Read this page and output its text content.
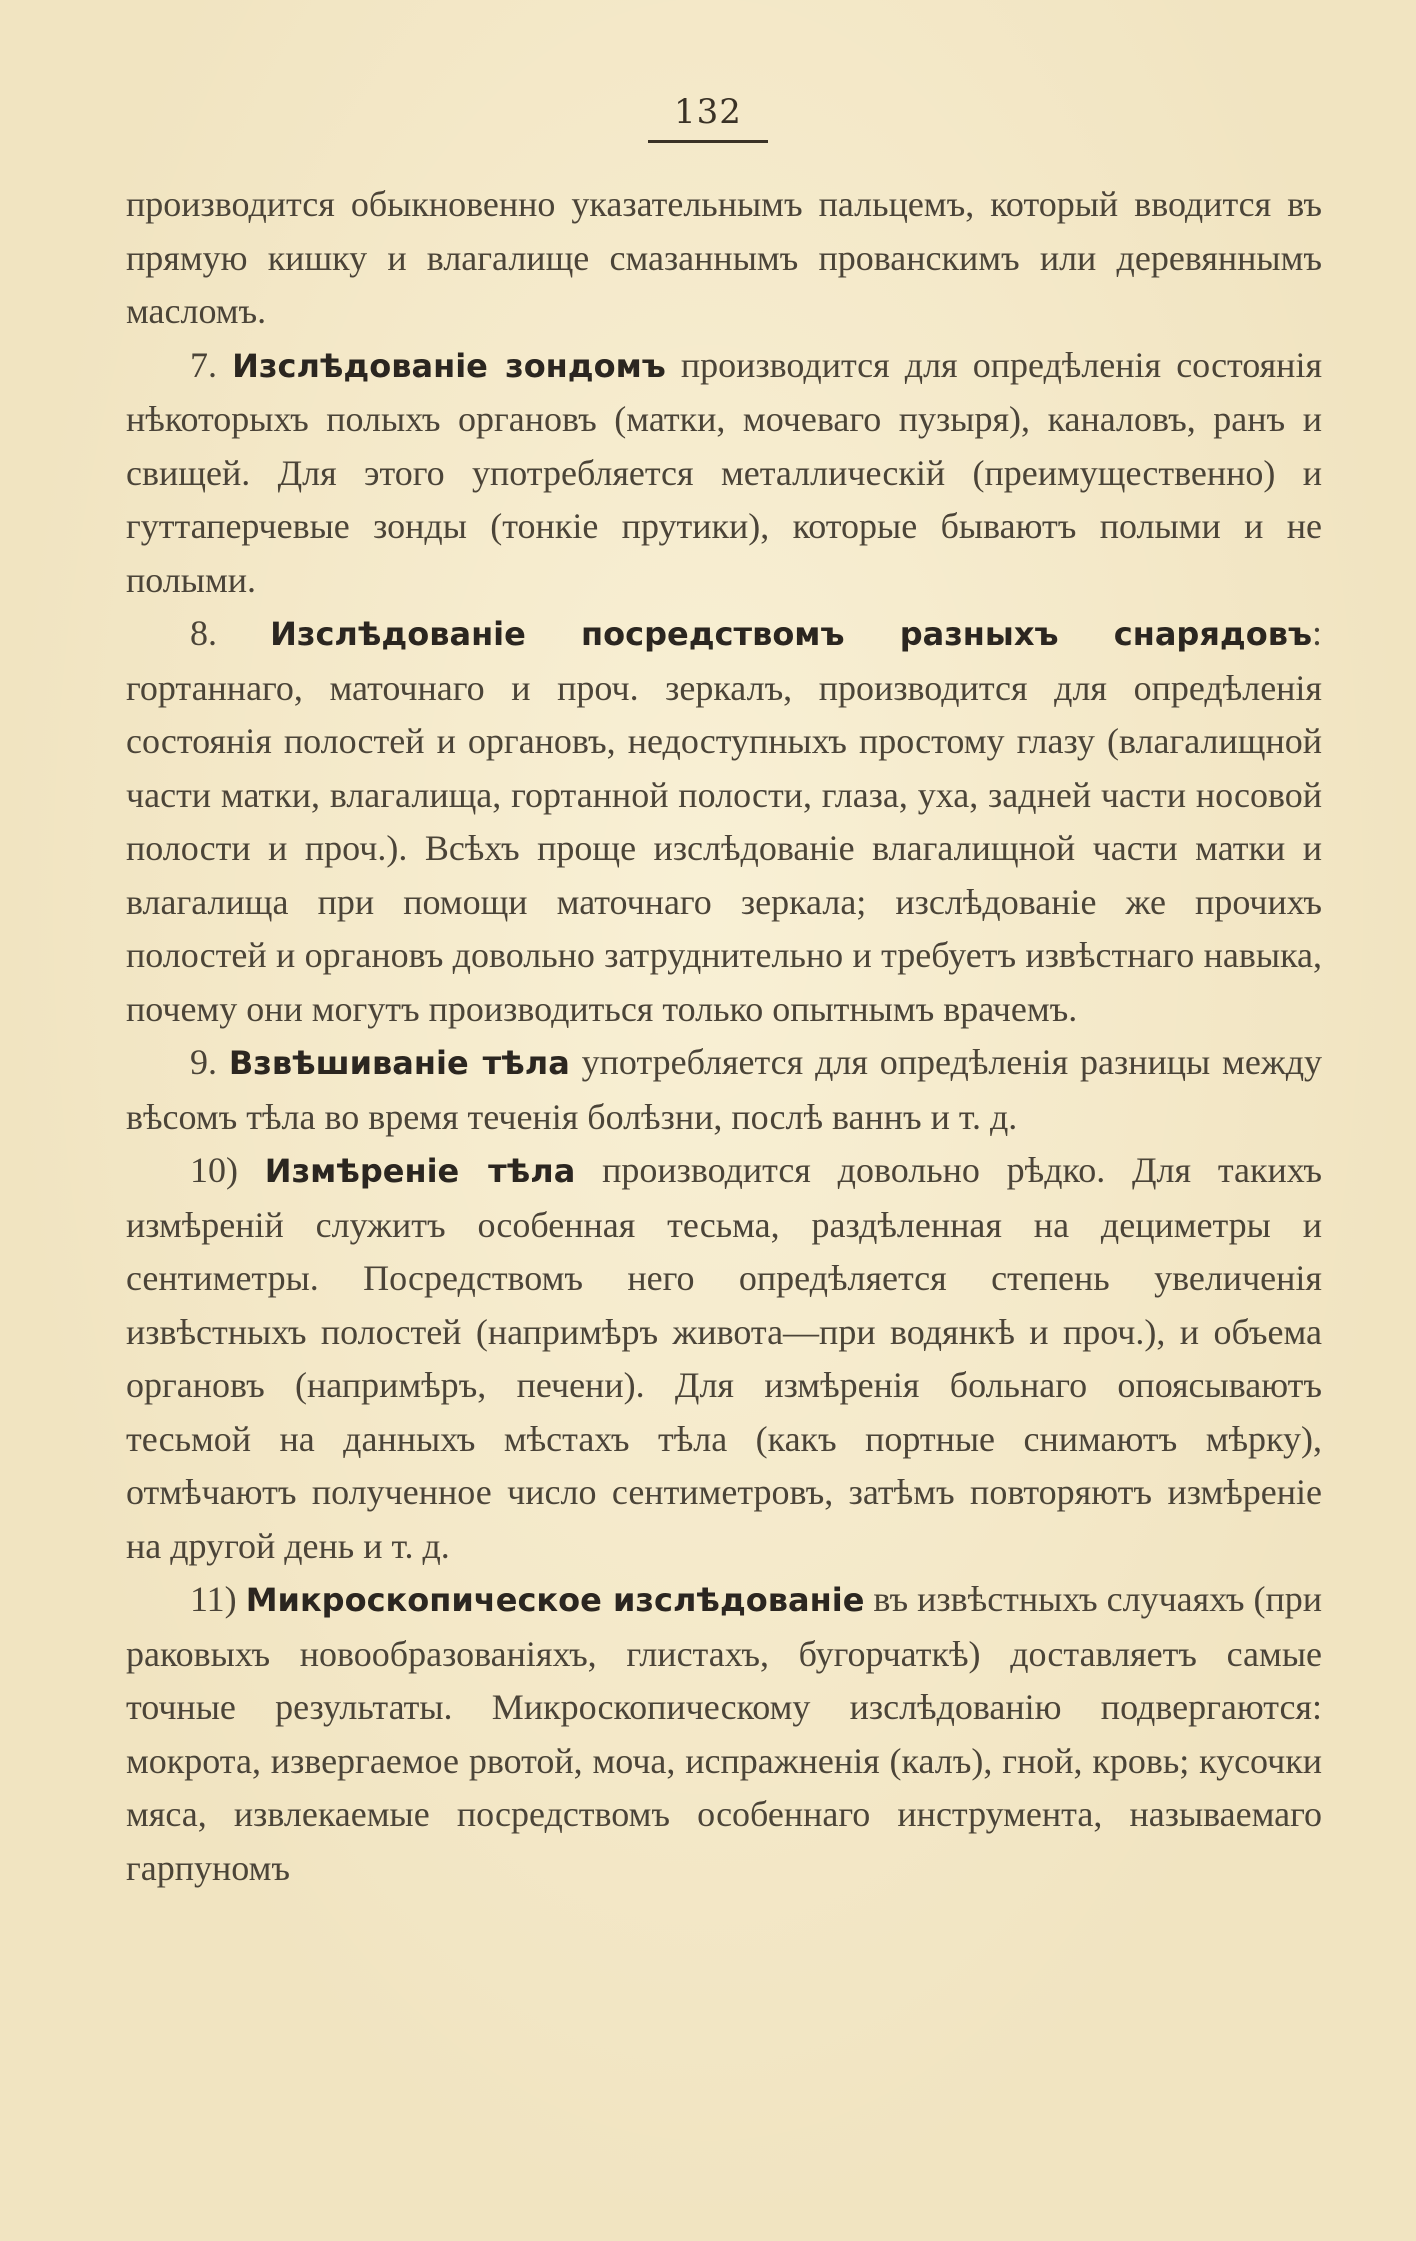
132

производится обыкновенно указательнымъ пальцемъ, который вводится въ прямую кишку и влагалище смазаннымъ прованскимъ или деревяннымъ масломъ.

7. Изслѣдованіе зондомъ производится для опредѣленія состоянія нѣкоторыхъ полыхъ органовъ (матки, мочеваго пузыря), каналовъ, ранъ и свищей. Для этого употребляется металлическій (преимущественно) и гуттаперчевые зонды (тонкіе прутики), которые бываютъ полыми и не полыми.

8. Изслѣдованіе посредствомъ разныхъ снарядовъ: гортаннаго, маточнаго и проч. зеркалъ, производится для опредѣленія состоянія полостей и органовъ, недоступныхъ простому глазу (влагалищной части матки, влагалища, гортанной полости, глаза, уха, задней части носовой полости и проч.). Всѣхъ проще изслѣдованіе влагалищной части матки и влагалища при помощи маточнаго зеркала; изслѣдованіе же прочихъ полостей и органовъ довольно затруднительно и требуетъ извѣстнаго навыка, почему они могутъ производиться только опытнымъ врачемъ.

9. Взвѣшиваніе тѣла употребляется для опредѣленія разницы между вѣсомъ тѣла во время теченія болѣзни, послѣ ваннъ и т. д.

10) Измѣреніе тѣла производится довольно рѣдко. Для такихъ измѣреній служитъ особенная тесьма, раздѣленная на дециметры и сентиметры. Посредствомъ него опредѣляется степень увеличенія извѣстныхъ полостей (напримѣръ живота—при водянкѣ и проч.), и объема органовъ (напримѣръ, печени). Для измѣренія больнаго опоясываютъ тесьмой на данныхъ мѣстахъ тѣла (какъ портные снимаютъ мѣрку), отмѣчаютъ полученное число сентиметровъ, затѣмъ повторяютъ измѣреніе на другой день и т. д.

11) Микроскопическое изслѣдованіе въ извѣстныхъ случаяхъ (при раковыхъ новообразованіяхъ, глистахъ, бугорчаткѣ) доставляетъ самые точные результаты. Микроскопическому изслѣдованію подвергаются: мокрота, извергаемое рвотой, моча, испражненія (калъ), гной, кровь; кусочки мяса, извлекаемые посредствомъ особеннаго инструмента, называемаго гарпуномъ
